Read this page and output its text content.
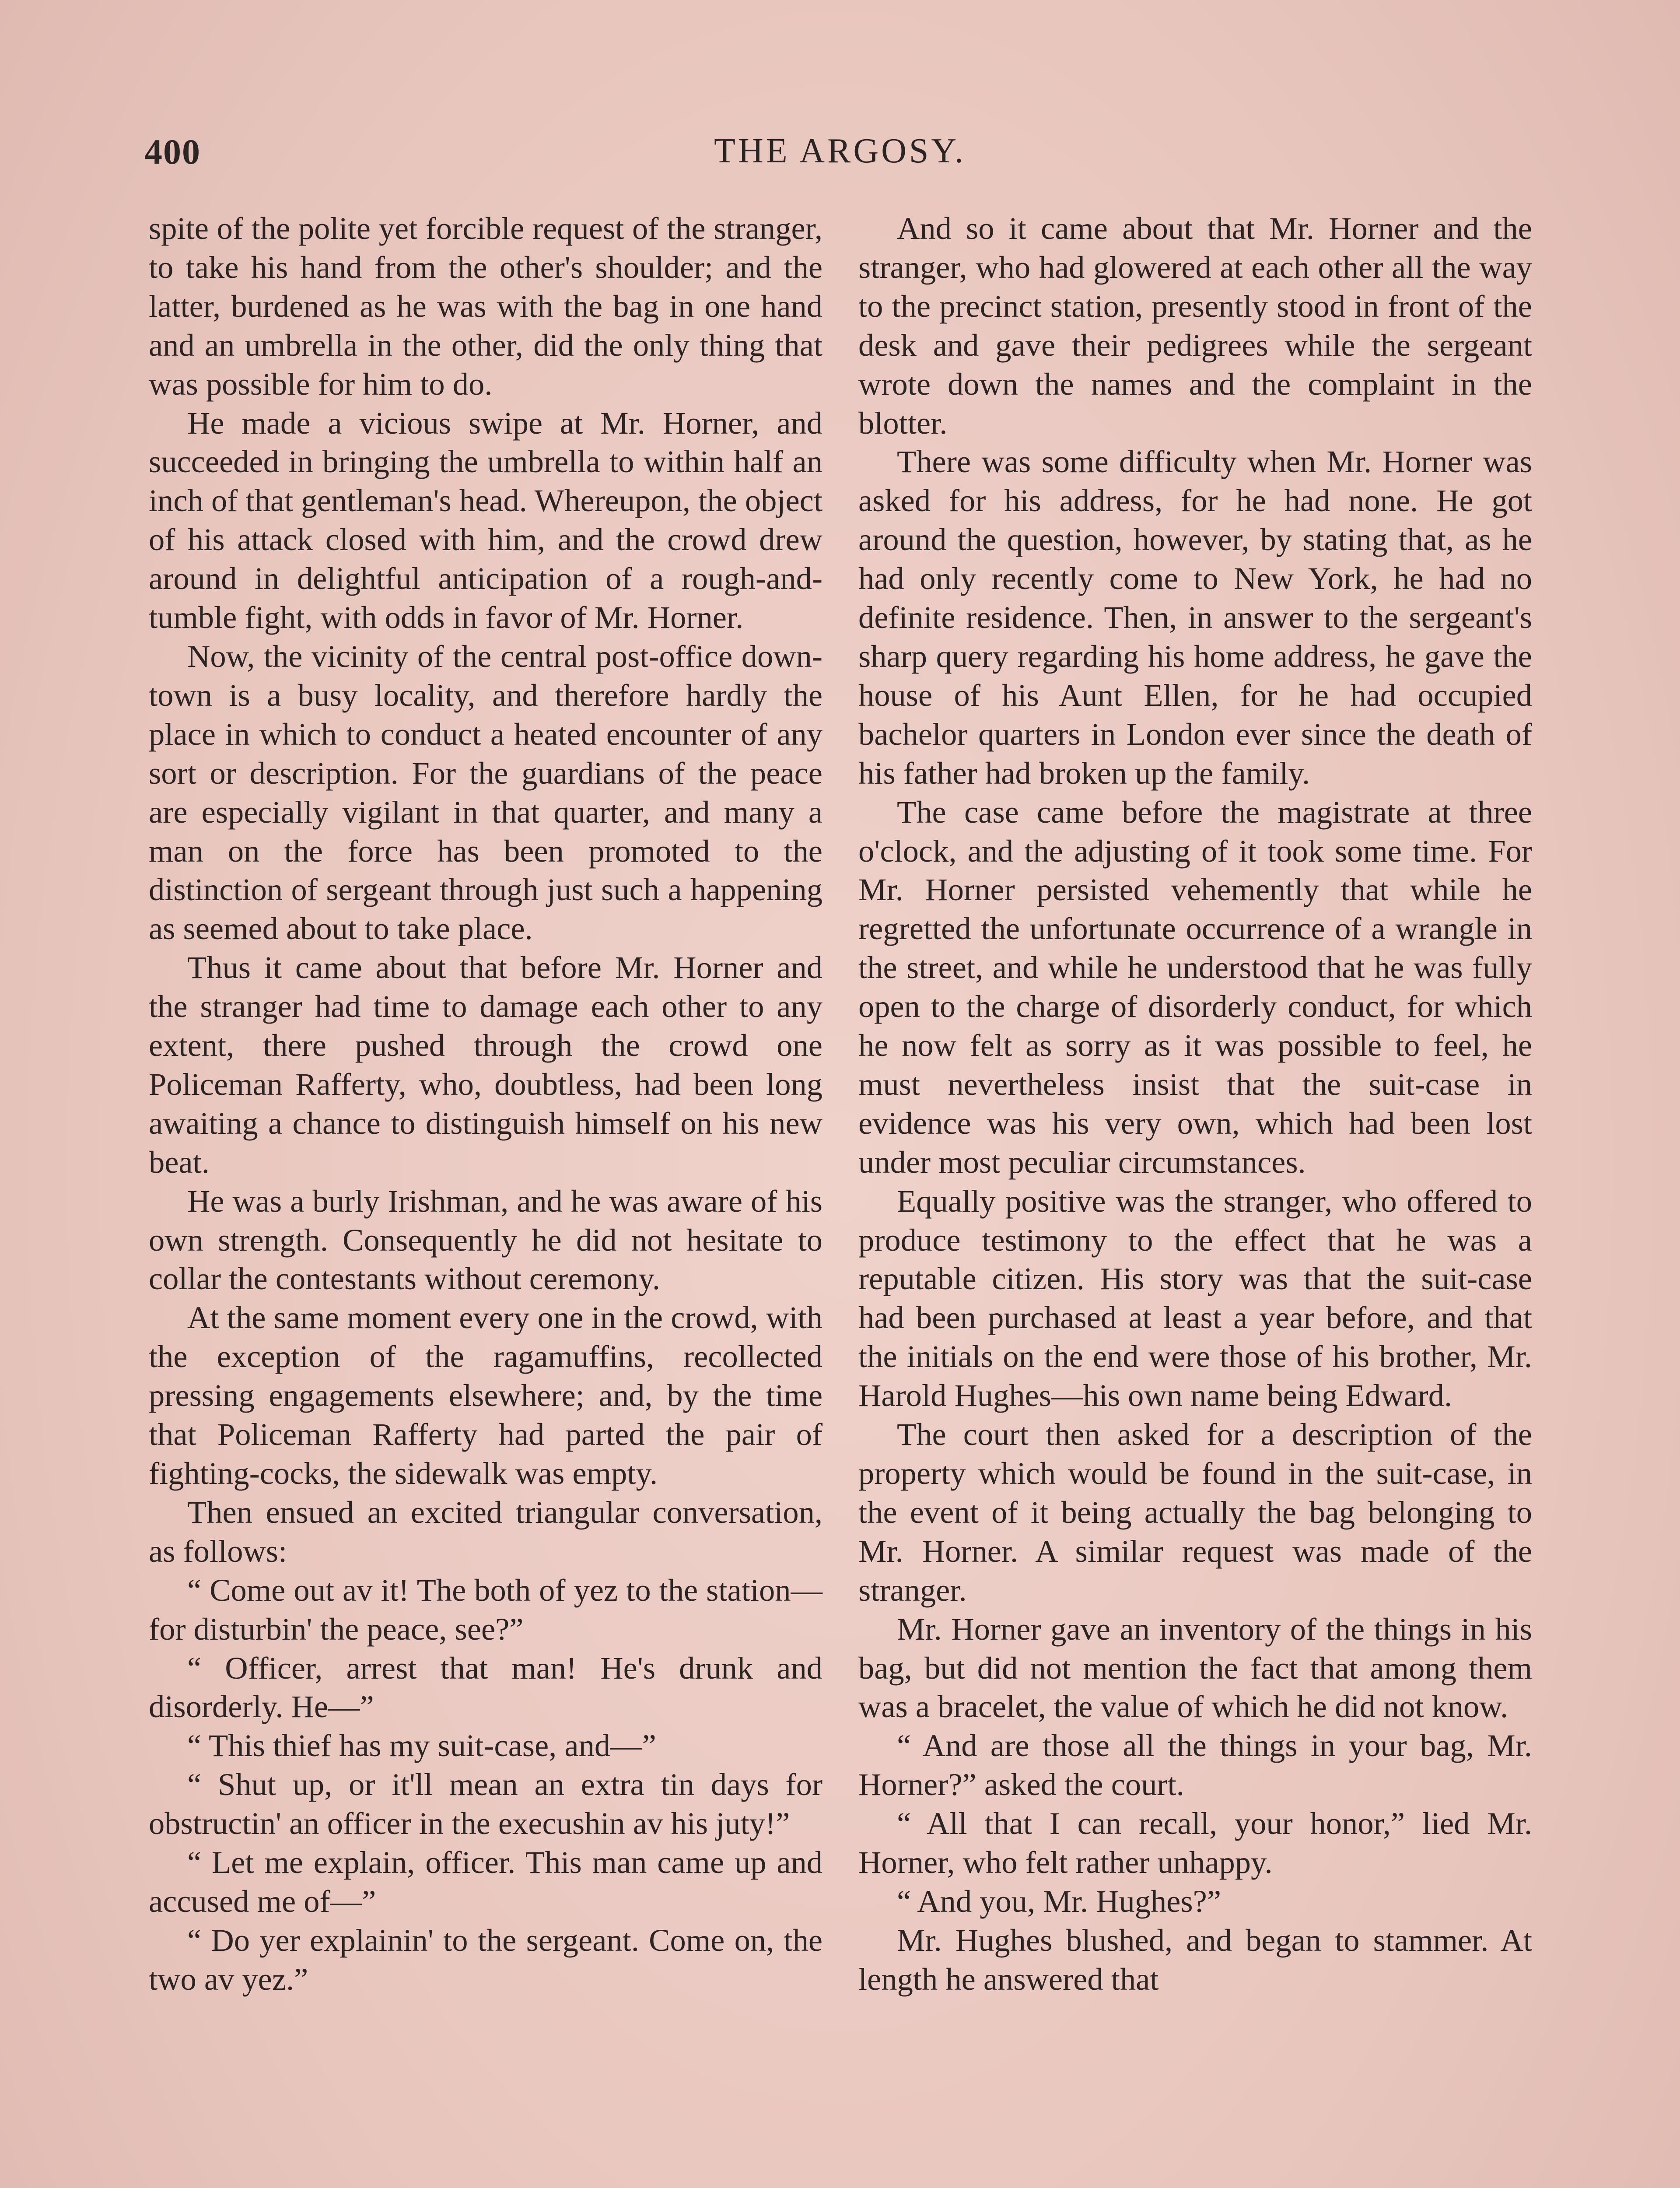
400	THE ARGOSY.

spite of the polite yet forcible request of the stranger, to take his hand from the other's shoulder; and the latter, burdened as he was with the bag in one hand and an umbrella in the other, did the only thing that was possible for him to do.

He made a vicious swipe at Mr. Horner, and succeeded in bringing the umbrella to within half an inch of that gentleman's head. Whereupon, the object of his attack closed with him, and the crowd drew around in delightful anticipation of a rough-and-tumble fight, with odds in favor of Mr. Horner.

Now, the vicinity of the central post-office down-town is a busy locality, and therefore hardly the place in which to conduct a heated encounter of any sort or description. For the guardians of the peace are especially vigilant in that quarter, and many a man on the force has been promoted to the distinction of sergeant through just such a happening as seemed about to take place.

Thus it came about that before Mr. Horner and the stranger had time to damage each other to any extent, there pushed through the crowd one Policeman Rafferty, who, doubtless, had been long awaiting a chance to distinguish himself on his new beat.

He was a burly Irishman, and he was aware of his own strength. Consequently he did not hesitate to collar the contestants without ceremony.

At the same moment every one in the crowd, with the exception of the ragamuffins, recollected pressing engagements elsewhere; and, by the time that Policeman Rafferty had parted the pair of fighting-cocks, the sidewalk was empty.

Then ensued an excited triangular conversation, as follows:

“ Come out av it! The both of yez to the station—for disturbin' the peace, see?”

“ Officer, arrest that man! He's drunk and disorderly. He—”

“ This thief has my suit-case, and—”

“ Shut up, or it'll mean an extra tin days for obstructin' an officer in the execushin av his juty!”

“ Let me explain, officer. This man came up and accused me of—”

“ Do yer explainin' to the sergeant. Come on, the two av yez.”

And so it came about that Mr. Horner and the stranger, who had glowered at each other all the way to the precinct station, presently stood in front of the desk and gave their pedigrees while the sergeant wrote down the names and the complaint in the blotter.

There was some difficulty when Mr. Horner was asked for his address, for he had none. He got around the question, however, by stating that, as he had only recently come to New York, he had no definite residence. Then, in answer to the sergeant's sharp query regarding his home address, he gave the house of his Aunt Ellen, for he had occupied bachelor quarters in London ever since the death of his father had broken up the family.

The case came before the magistrate at three o'clock, and the adjusting of it took some time. For Mr. Horner persisted vehemently that while he regretted the unfortunate occurrence of a wrangle in the street, and while he understood that he was fully open to the charge of disorderly conduct, for which he now felt as sorry as it was possible to feel, he must nevertheless insist that the suit-case in evidence was his very own, which had been lost under most peculiar circumstances.

Equally positive was the stranger, who offered to produce testimony to the effect that he was a reputable citizen. His story was that the suit-case had been purchased at least a year before, and that the initials on the end were those of his brother, Mr. Harold Hughes—his own name being Edward.

The court then asked for a description of the property which would be found in the suit-case, in the event of it being actually the bag belonging to Mr. Horner. A similar request was made of the stranger.

Mr. Horner gave an inventory of the things in his bag, but did not mention the fact that among them was a bracelet, the value of which he did not know.

“ And are those all the things in your bag, Mr. Horner?” asked the court.

“ All that I can recall, your honor,” lied Mr. Horner, who felt rather unhappy.

“ And you, Mr. Hughes?”

Mr. Hughes blushed, and began to stammer. At length he answered that
